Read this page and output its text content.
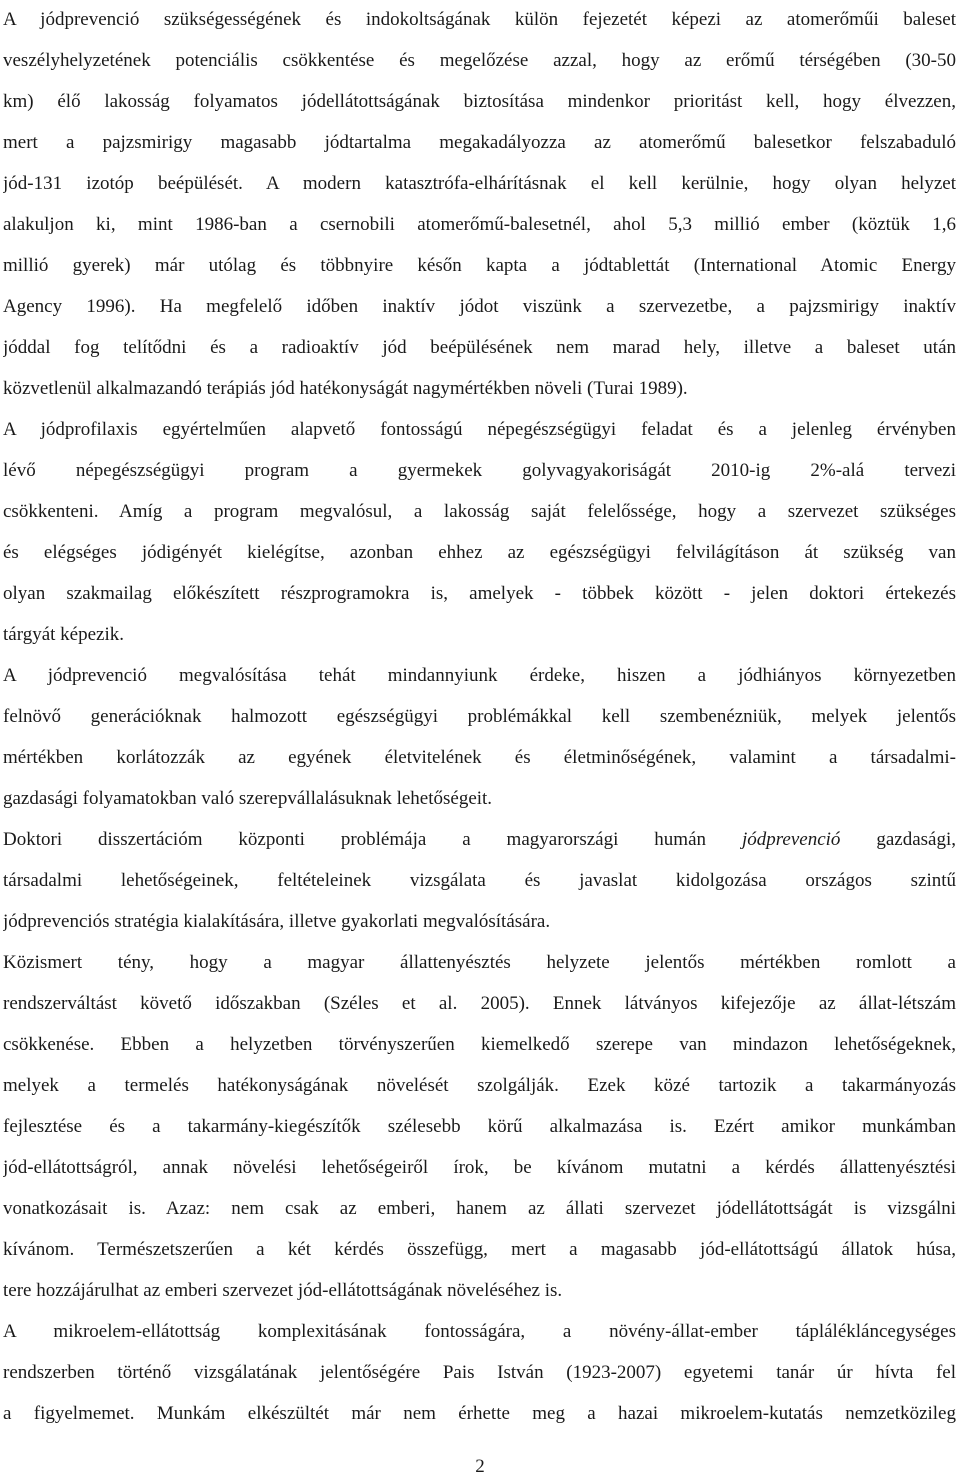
A jódprevenció szükségességének és indokoltságának külön fejezetét képezi az atomerőműi baleset
veszélyhelyzetének potenciális csökkentése és megelőzése azzal, hogy az erőmű térségében (30-50
km) élő lakosság folyamatos jódellátottságának biztosítása mindenkor prioritást kell, hogy élvezzen,
mert a pajzsmirigy magasabb jódtartalma megakadályozza az atomerőmű balesetkor felszabaduló
jód-131 izotóp beépülését. A modern katasztrófa-elhárításnak el kell kerülnie, hogy olyan helyzet
alakuljon ki, mint 1986-ban a csernobili atomerőmű-balesetnél, ahol 5,3 millió ember (köztük 1,6
millió gyerek) már utólag és többnyire későn kapta a jódtablettát (International Atomic Energy
Agency 1996). Ha megfelelő időben inaktív jódot viszünk a szervezetbe, a pajzsmirigy inaktív
jóddal fog telítődni és a radioaktív jód beépülésének nem marad hely, illetve a baleset után
közvetlenül alkalmazandó terápiás jód hatékonyságát nagymértékben növeli (Turai 1989).
A jódprofilaxis egyértelműen alapvető fontosságú népegészségügyi feladat és a jelenleg érvényben
lévő népegészségügyi program a gyermekek golyvagyakoriságát 2010-ig 2%-alá tervezi
csökkenteni. Amíg a program megvalósul, a lakosság saját felelőssége, hogy a szervezet szükséges
és elégséges jódigényét kielégítse, azonban ehhez az egészségügyi felvilágításon át szükség van
olyan szakmailag előkészített részprogramokra is, amelyek - többek között - jelen doktori értekezés
tárgyát képezik.
A jódprevenció megvalósítása tehát mindannyiunk érdeke, hiszen a jódhiányos környezetben
felnövő generációknak halmozott egészségügyi problémákkal kell szembenézniük, melyek jelentős
mértékben korlátozzák az egyének életvitelének és életminőségének, valamint a társadalmi-
gazdasági folyamatokban való szerepvállalásuknak lehetőségeit.
Doktori disszertációm központi problémája a magyarországi humán jódprevenció gazdasági,
társadalmi lehetőségeinek, feltételeinek vizsgálata és javaslat kidolgozása országos szintű
jódprevenciós stratégia kialakítására, illetve gyakorlati megvalósítására.
Közismert tény, hogy a magyar állattenyésztés helyzete jelentős mértékben romlott a
rendszerváltást követő időszakban (Széles et al. 2005). Ennek látványos kifejezője az állat-létszám
csökkenése. Ebben a helyzetben törvényszerűen kiemelkedő szerepe van mindazon lehetőségeknek,
melyek a termelés hatékonyságának növelését szolgálják. Ezek közé tartozik a takarmányozás
fejlesztése és a takarmány-kiegészítők szélesebb körű alkalmazása is. Ezért amikor munkámban
jód-ellátottságról, annak növelési lehetőségeiről írok, be kívánom mutatni a kérdés állattenyésztési
vonatkozásait is. Azaz: nem csak az emberi, hanem az állati szervezet jódellátottságát is vizsgálni
kívánom. Természetszerűen a két kérdés összefügg, mert a magasabb jód-ellátottságú állatok húsa,
tere hozzájárulhat az emberi szervezet jód-ellátottságának növeléséhez is.
A mikroelem-ellátottság komplexitásának fontosságára, a növény-állat-ember táplálékláncegységes
rendszerben történő vizsgálatának jelentőségére Pais István (1923-2007) egyetemi tanár úr hívta fel
a figyelmemet. Munkám elkészültét már nem érhette meg a hazai mikroelem-kutatás nemzetközileg
2
